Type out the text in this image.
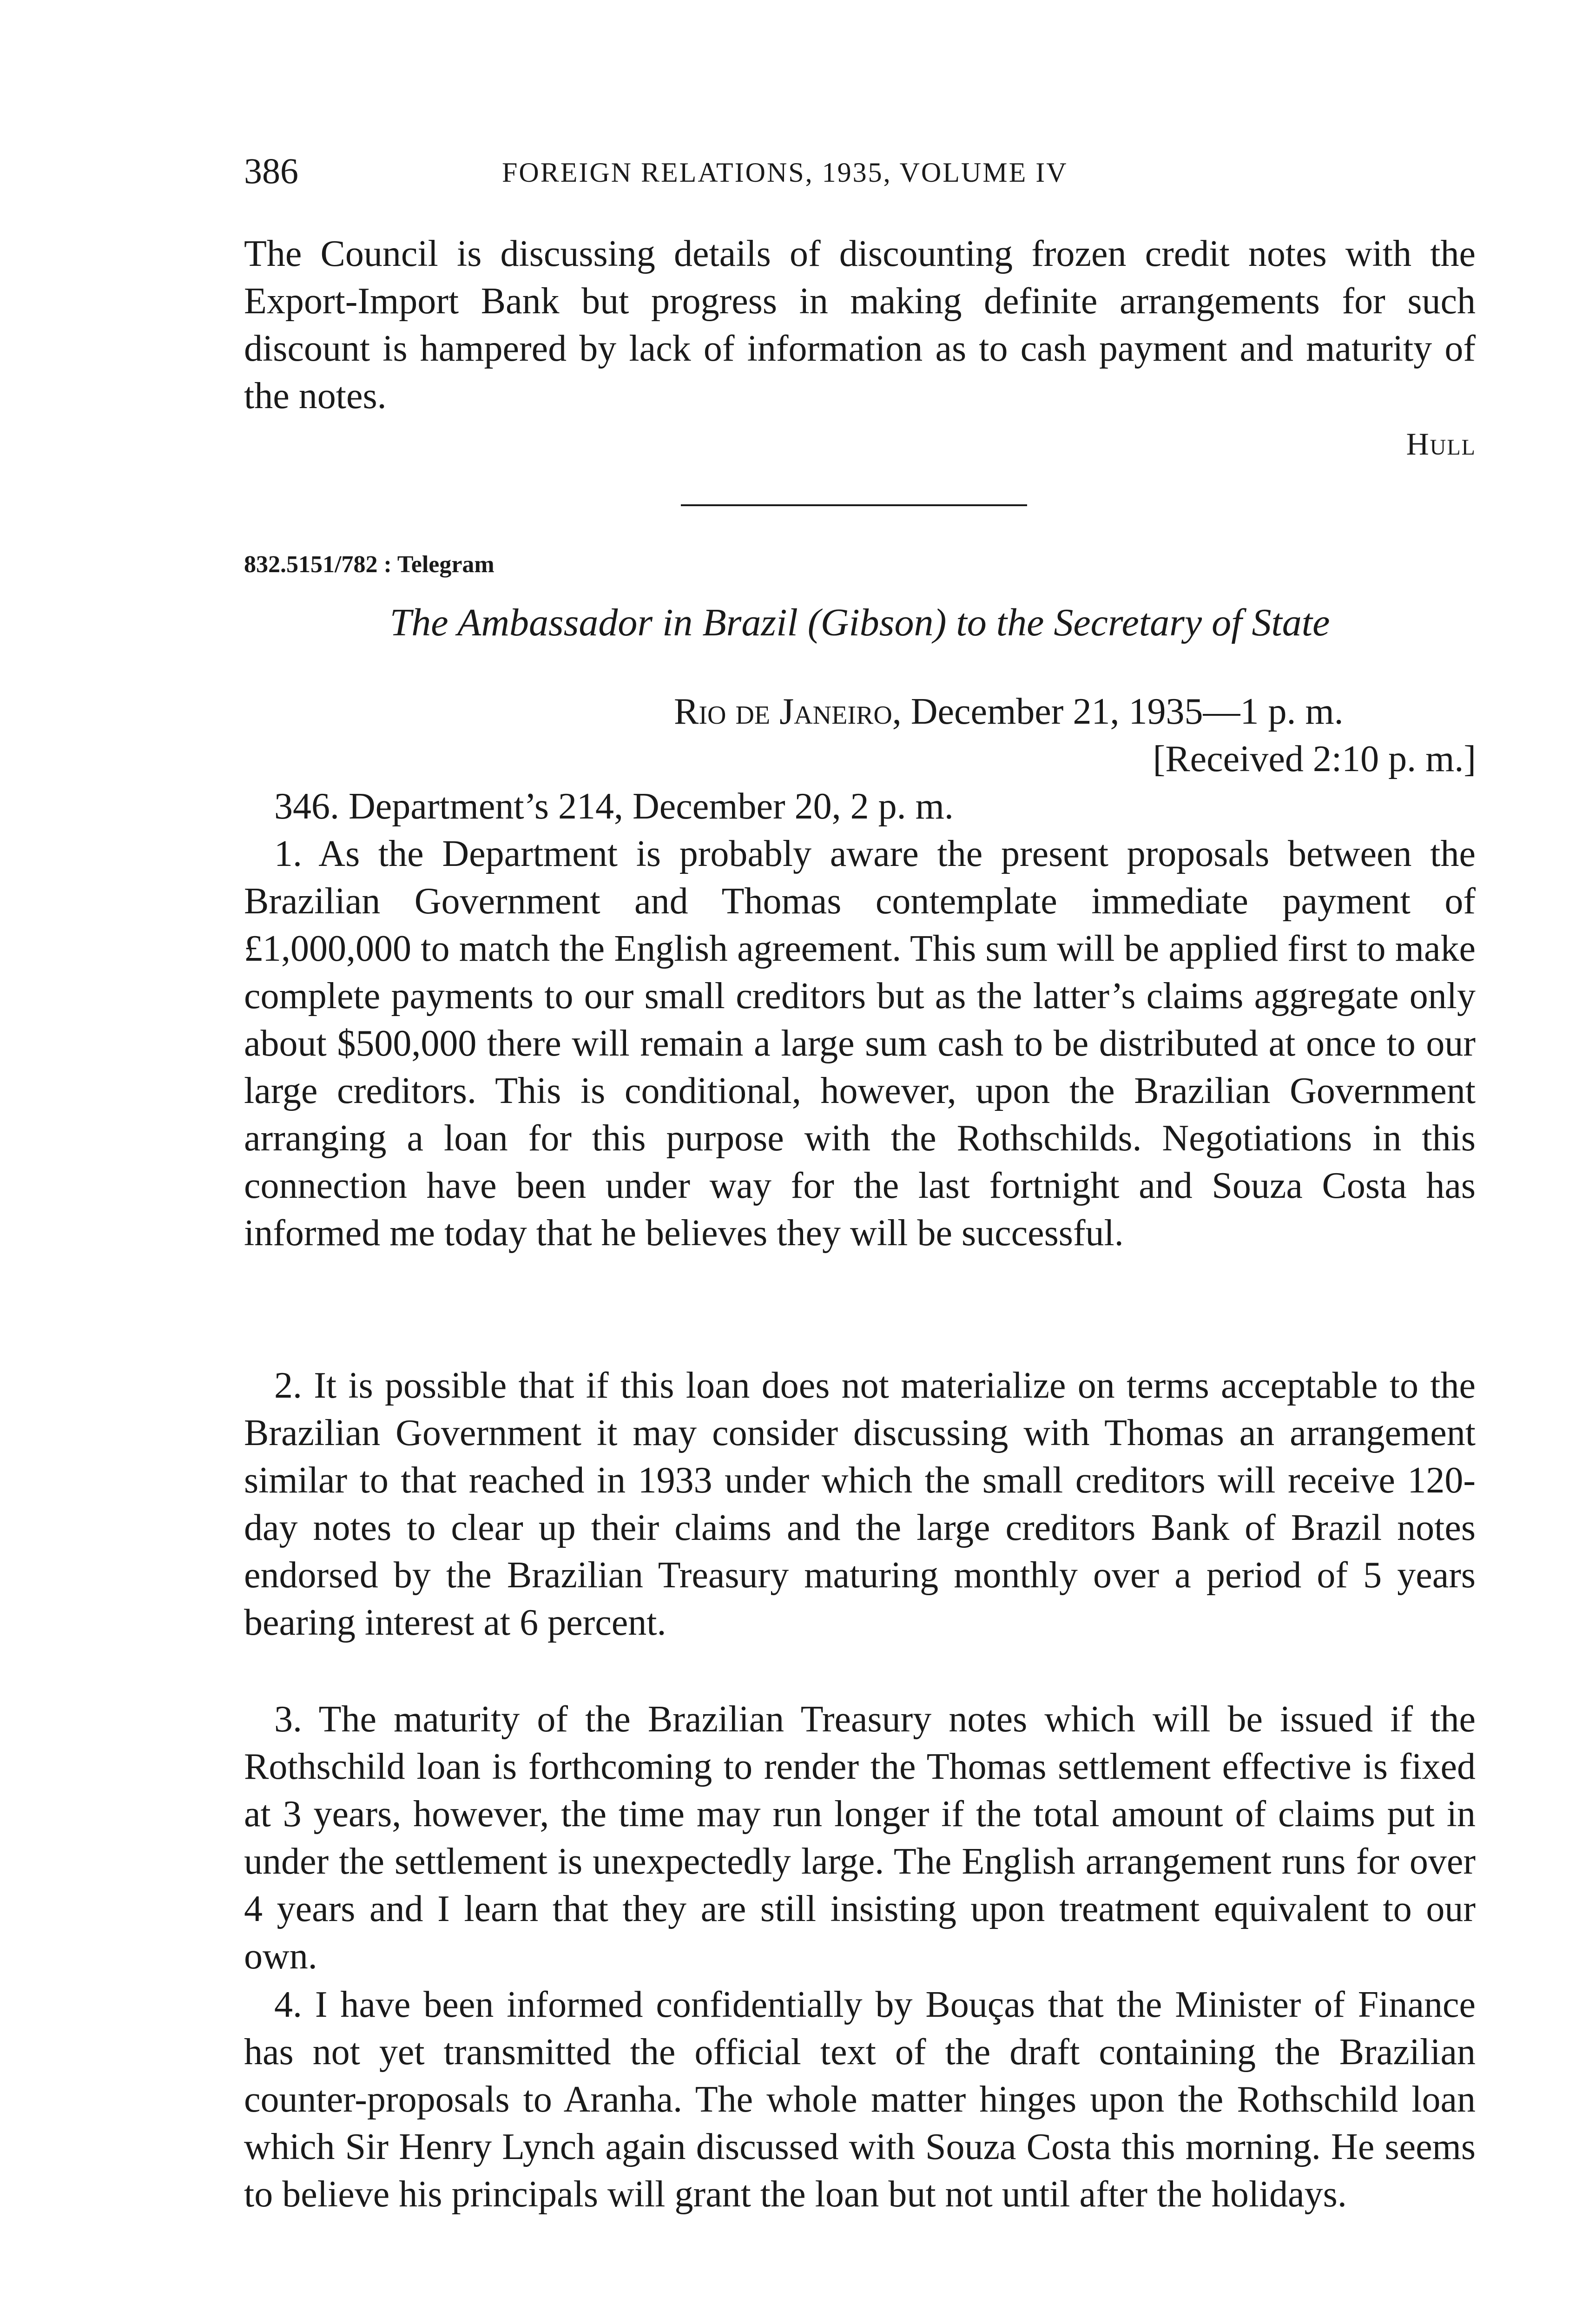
386	FOREIGN RELATIONS, 1935, VOLUME IV

The Council is discussing details of discounting frozen credit notes with the Export-Import Bank but progress in making definite arrangements for such discount is hampered by lack of information as to cash payment and maturity of the notes.

Hull
832.5151/782 : Telegram
The Ambassador in Brazil (Gibson) to the Secretary of State
Rio de Janeiro, December 21, 1935—1 p. m.
[Received 2:10 p. m.]
346. Department’s 214, December 20, 2 p. m.

1. As the Department is probably aware the present proposals between the Brazilian Government and Thomas contemplate immediate payment of £1,000,000 to match the English agreement. This sum will be applied first to make complete payments to our small creditors but as the latter’s claims aggregate only about $500,000 there will remain a large sum cash to be distributed at once to our large creditors. This is conditional, however, upon the Brazilian Government arranging a loan for this purpose with the Rothschilds. Negotiations in this connection have been under way for the last fortnight and Souza Costa has informed me today that he believes they will be successful.

2. It is possible that if this loan does not materialize on terms acceptable to the Brazilian Government it may consider discussing with Thomas an arrangement similar to that reached in 1933 under which the small creditors will receive 120-day notes to clear up their claims and the large creditors Bank of Brazil notes endorsed by the Brazilian Treasury maturing monthly over a period of 5 years bearing interest at 6 percent.

3. The maturity of the Brazilian Treasury notes which will be issued if the Rothschild loan is forthcoming to render the Thomas settlement effective is fixed at 3 years, however, the time may run longer if the total amount of claims put in under the settlement is unexpectedly large. The English arrangement runs for over 4 years and I learn that they are still insisting upon treatment equivalent to our own.

4. I have been informed confidentially by Bouças that the Minister of Finance has not yet transmitted the official text of the draft containing the Brazilian counter-proposals to Aranha. The whole matter hinges upon the Rothschild loan which Sir Henry Lynch again discussed with Souza Costa this morning. He seems to believe his principals will grant the loan but not until after the holidays.
